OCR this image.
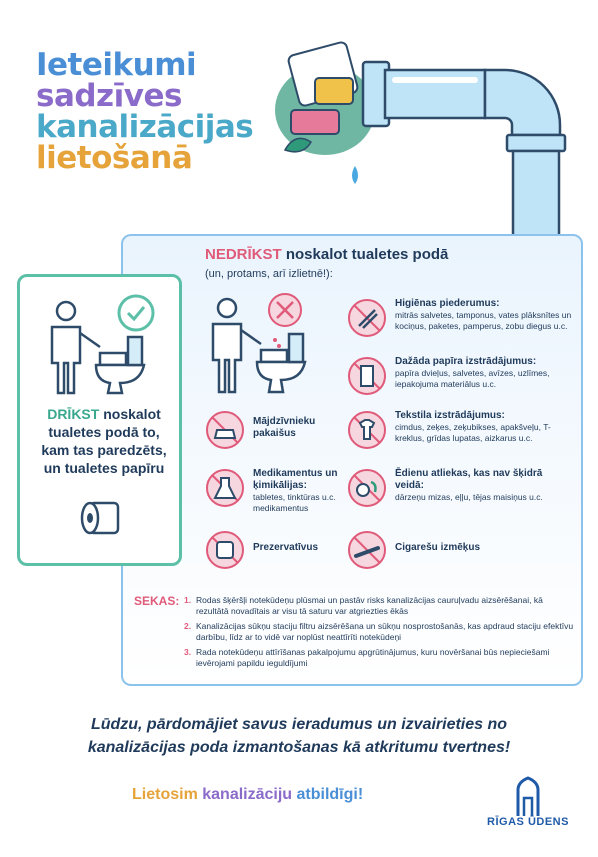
Ieteikumi
sadzīves
kanalizācijas
lietošanā
NEDRĪKST noskalot tualetes podā
(un, protams, arī izlietnē!):
Higiēnas piederumus:
mitrās salvetes, tamponus, vates plāksnītes un kociņus, paketes, pamperus, zobu diegus u.c.
Dažāda papīra izstrādājumus:
papīra dvieļus, salvetes, avīzes, uzlīmes, iepakojuma materiālus u.c.
Mājdzīvnieku pakaišus
Tekstila izstrādājumus:
cimdus, zeķes, zeķubikses, apakšveļu, T-kreklus, grīdas lupatas, aizkarus u.c.
Medikamentus un ķimikālijas:
tabletes, tinktūras u.c. medikamentus
Ēdienu atliekas, kas nav šķidrā veidā:
dārzeņu mizas, eļļu, tējas maisiņus u.c.
Prezervatīvus	Cigarešu izmēķus
SEKAS: 1. Rodas šķēršļi notekūdeņu plūsmai un pastāv risks kanalizācijas cauruļvadu aizsērēšanai, kā rezultātā novadītais ar visu tā saturu var atgriezties ēkās
2. Kanalizācijas sūkņu staciju filtru aizsērēšana un sūkņu nosprostošanās, kas apdraud staciju efektīvu darbību, līdz ar to vidē var noplūst neattīrīti notekūdeņi
3. Rada notekūdeņu attīrīšanas pakalpojumu apgrūtinājumus, kuru novēršanai būs nepieciešami ievērojami papildu ieguldījumi
DRĪKST noskalot tualetes podā to, kam tas paredzēts, un tualetes papīru
Lūdzu, pārdomājiet savus ieradumus un izvairieties no
kanalizācijas poda izmantošanas kā atkritumu tvertnes!
Lietosim kanalizāciju atbildīgi!
RĪGAS ŪDENS
